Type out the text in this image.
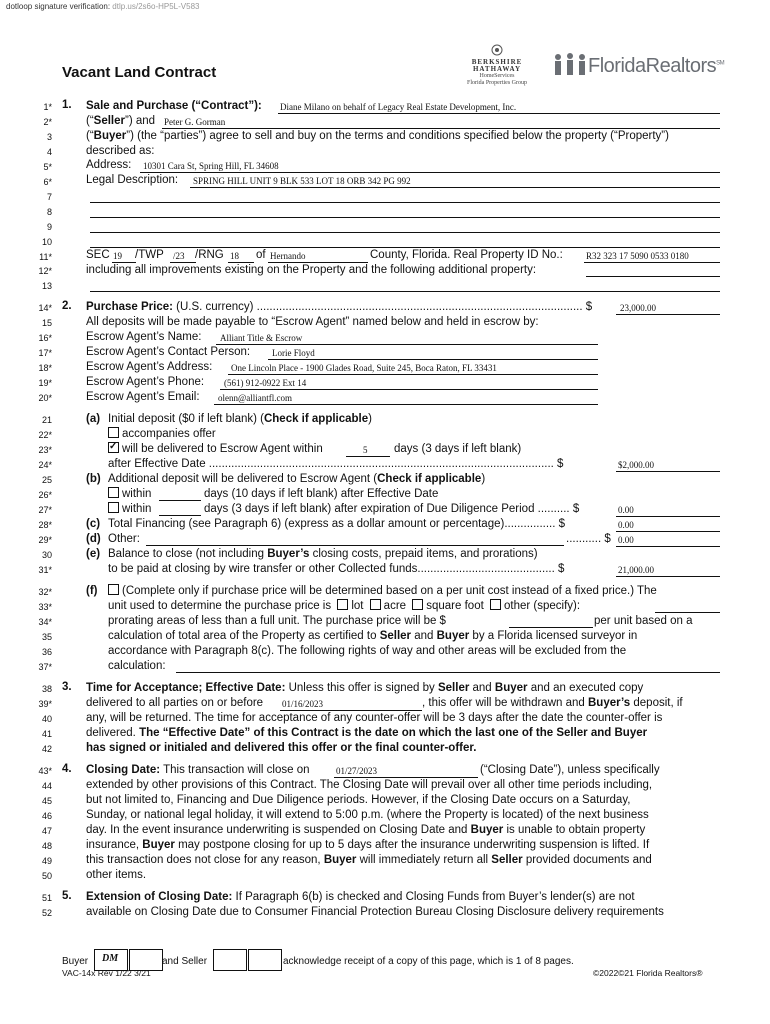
dotloop signature verification: dtlp.us/2s6o-HP5L-V583
Vacant Land Contract
BERKSHIRE HATHAWAY
HomeServices
Florida Properties Group
FloridaRealtors℠
1*
2*
3
4
5*
6*
7
8
9
10
11*
12*
13
14*
15
16*
17*
18*
19*
20*
21
22*
23*
24*
25
26*
27*
28*
29*
30
31*
32*
33*
34*
35
36
37*
38
39*
40
41
42
43*
44
45
46
47
48
49
50
51
52
1. Sale and Purchase (“Contract”): Diane Milano on behalf of Legacy Real Estate Development, Inc.
(“Seller”) and Peter G. Gorman
(“Buyer”) (the “parties”) agree to sell and buy on the terms and conditions specified below the property (“Property”)
described as:
Address: 10301 Cara St, Spring Hill, FL 34608
Legal Description: SPRING HILL UNIT 9 BLK 533 LOT 18 ORB 342 PG 992
SEC 19 /TWP /23 /RNG 18 of Hernando	County, Florida. Real Property ID No.:	R32 323 17 5090 0533 0180
including all improvements existing on the Property and the following additional property:
2. Purchase Price: (U.S. currency) ...................................................................................................... $	23,000.00
All deposits will be made payable to “Escrow Agent” named below and held in escrow by:
Escrow Agent’s Name: Alliant Title & Escrow
Escrow Agent’s Contact Person: Lorie Floyd
Escrow Agent’s Address: One Lincoln Place - 1900 Glades Road, Suite 245, Boca Raton, FL 33431
Escrow Agent’s Phone: (561) 912-0922 Ext 14
Escrow Agent’s Email: olenn@alliantfl.com
(a) Initial deposit ($0 if left blank) (Check if applicable)
accompanies offer
✓will be delivered to Escrow Agent within	5 days (3 days if left blank)
after Effective Date ............................................................................................................ $	$2,000.00
(b) Additional deposit will be delivered to Escrow Agent (Check if applicable)
within	days (10 days if left blank) after Effective Date
within	days (3 days if left blank) after expiration of Due Diligence Period .......... $	0.00
(c) Total Financing (see Paragraph 6) (express as a dollar amount or percentage)................ $	0.00
(d) Other:	........... $ 0.00
(e) Balance to close (not including Buyer’s closing costs, prepaid items, and prorations)
to be paid at closing by wire transfer or other Collected funds........................................... $	21,000.00
(f)	(Complete only if purchase price will be determined based on a per unit cost instead of a fixed price.) The
unit used to determine the purchase price is lot acre square foot other (specify):
prorating areas of less than a full unit. The purchase price will be $	per unit based on a
calculation of total area of the Property as certified to Seller and Buyer by a Florida licensed surveyor in
accordance with Paragraph 8(c). The following rights of way and other areas will be excluded from the
calculation:
3. Time for Acceptance; Effective Date: Unless this offer is signed by Seller and Buyer and an executed copy
delivered to all parties on or before 01/16/2023	, this offer will be withdrawn and Buyer’s deposit, if
any, will be returned. The time for acceptance of any counter-offer will be 3 days after the date the counter-offer is
delivered. The “Effective Date” of this Contract is the date on which the last one of the Seller and Buyer
has signed or initialed and delivered this offer or the final counter-offer.
4. Closing Date: This transaction will close on	01/27/2023	(“Closing Date”), unless specifically
extended by other provisions of this Contract. The Closing Date will prevail over all other time periods including,
but not limited to, Financing and Due Diligence periods. However, if the Closing Date occurs on a Saturday,
Sunday, or national legal holiday, it will extend to 5:00 p.m. (where the Property is located) of the next business
day. In the event insurance underwriting is suspended on Closing Date and Buyer is unable to obtain property
insurance, Buyer may postpone closing for up to 5 days after the insurance underwriting suspension is lifted. If
this transaction does not close for any reason, Buyer will immediately return all Seller provided documents and
other items.
5. Extension of Closing Date: If Paragraph 6(b) is checked and Closing Funds from Buyer’s lender(s) are not
available on Closing Date due to Consumer Financial Protection Bureau Closing Disclosure delivery requirements
Buyer DM	and Seller	acknowledge receipt of a copy of this page, which is 1 of 8 pages.
VAC-14x Rev 1/22 3/21	©2022©21 Florida Realtors®
